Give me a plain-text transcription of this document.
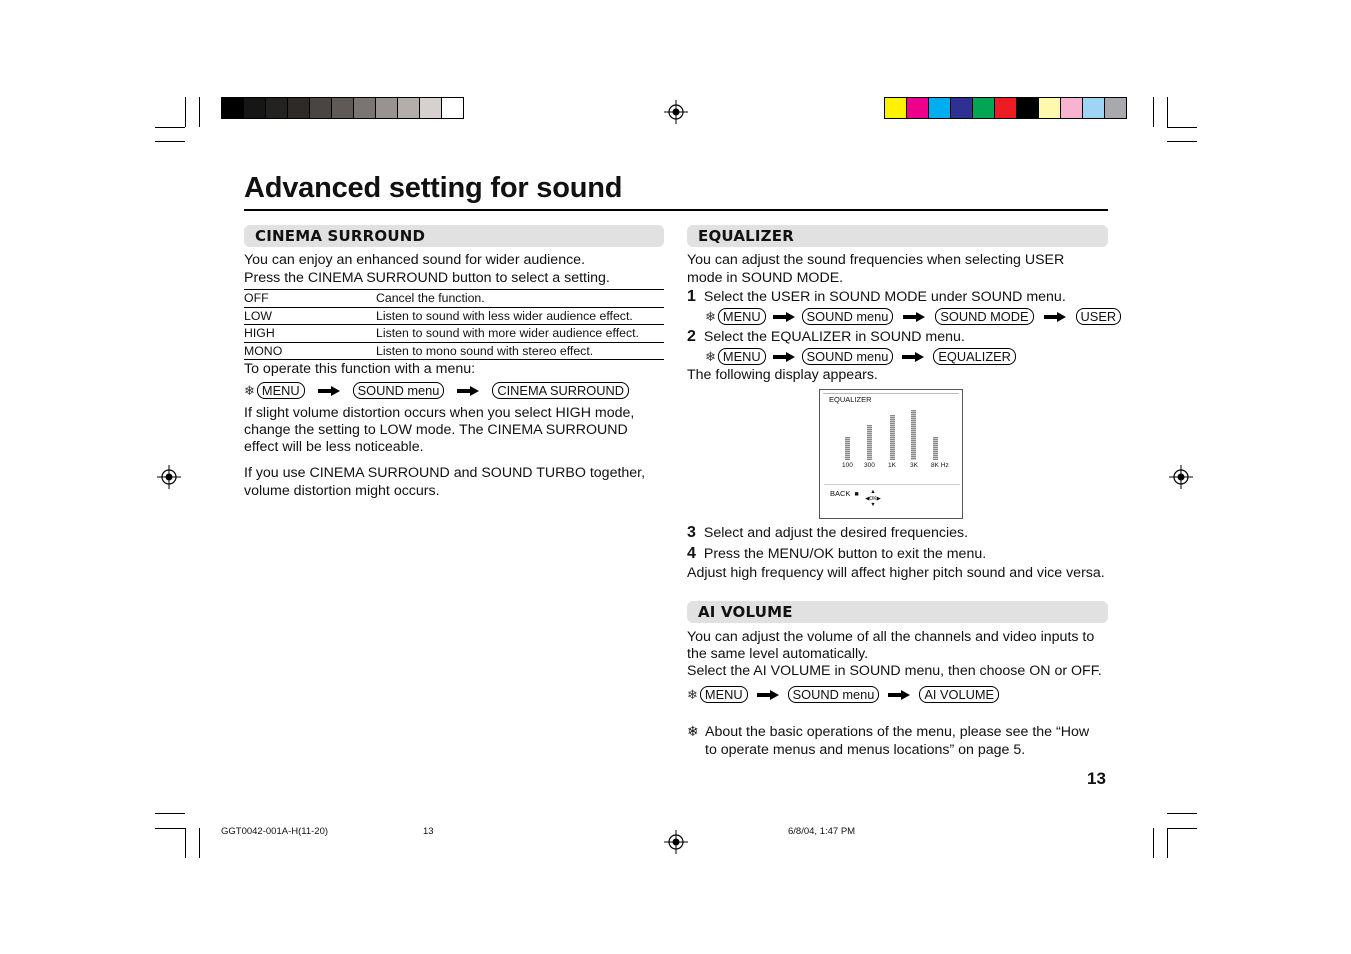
Advanced setting for sound
CINEMA SURROUND
You can enjoy an enhanced sound for wider audience.
Press the CINEMA SURROUND button to select a setting.
OFF	Cancel the function.
LOW	Listen to sound with less wider audience effect.
HIGH	Listen to sound with more wider audience effect.
MONO	Listen to mono sound with stereo effect.
To operate this function with a menu:
❄ MENU	SOUND menu	CINEMA SURROUND
If slight volume distortion occurs when you select HIGH mode,
change the setting to LOW mode. The CINEMA SURROUND
effect will be less noticeable.
If you use CINEMA SURROUND and SOUND TURBO together,
volume distortion might occurs.
EQUALIZER
You can adjust the sound frequencies when selecting USER
mode in SOUND MODE.
1 Select the USER in SOUND MODE under SOUND menu.
❄ MENU	SOUND menu	SOUND MODE	USER
2 Select the EQUALIZER in SOUND menu.
❄ MENU	SOUND menu	EQUALIZER
The following display appears.
EQUALIZER
100 300 1K 3K 8K Hz
BACK ■	▲
◀OK▶
▼
3 Select and adjust the desired frequencies.
4 Press the MENU/OK button to exit the menu.
Adjust high frequency will affect higher pitch sound and vice versa.
AI VOLUME
You can adjust the volume of all the channels and video inputs to
the same level automatically.
Select the AI VOLUME in SOUND menu, then choose ON or OFF.
❄ MENU	SOUND menu	AI VOLUME
❄ About the basic operations of the menu, please see the “How
to operate menus and menus locations” on page 5.
13
GGT0042-001A-H(11-20)	13	6/8/04, 1:47 PM
